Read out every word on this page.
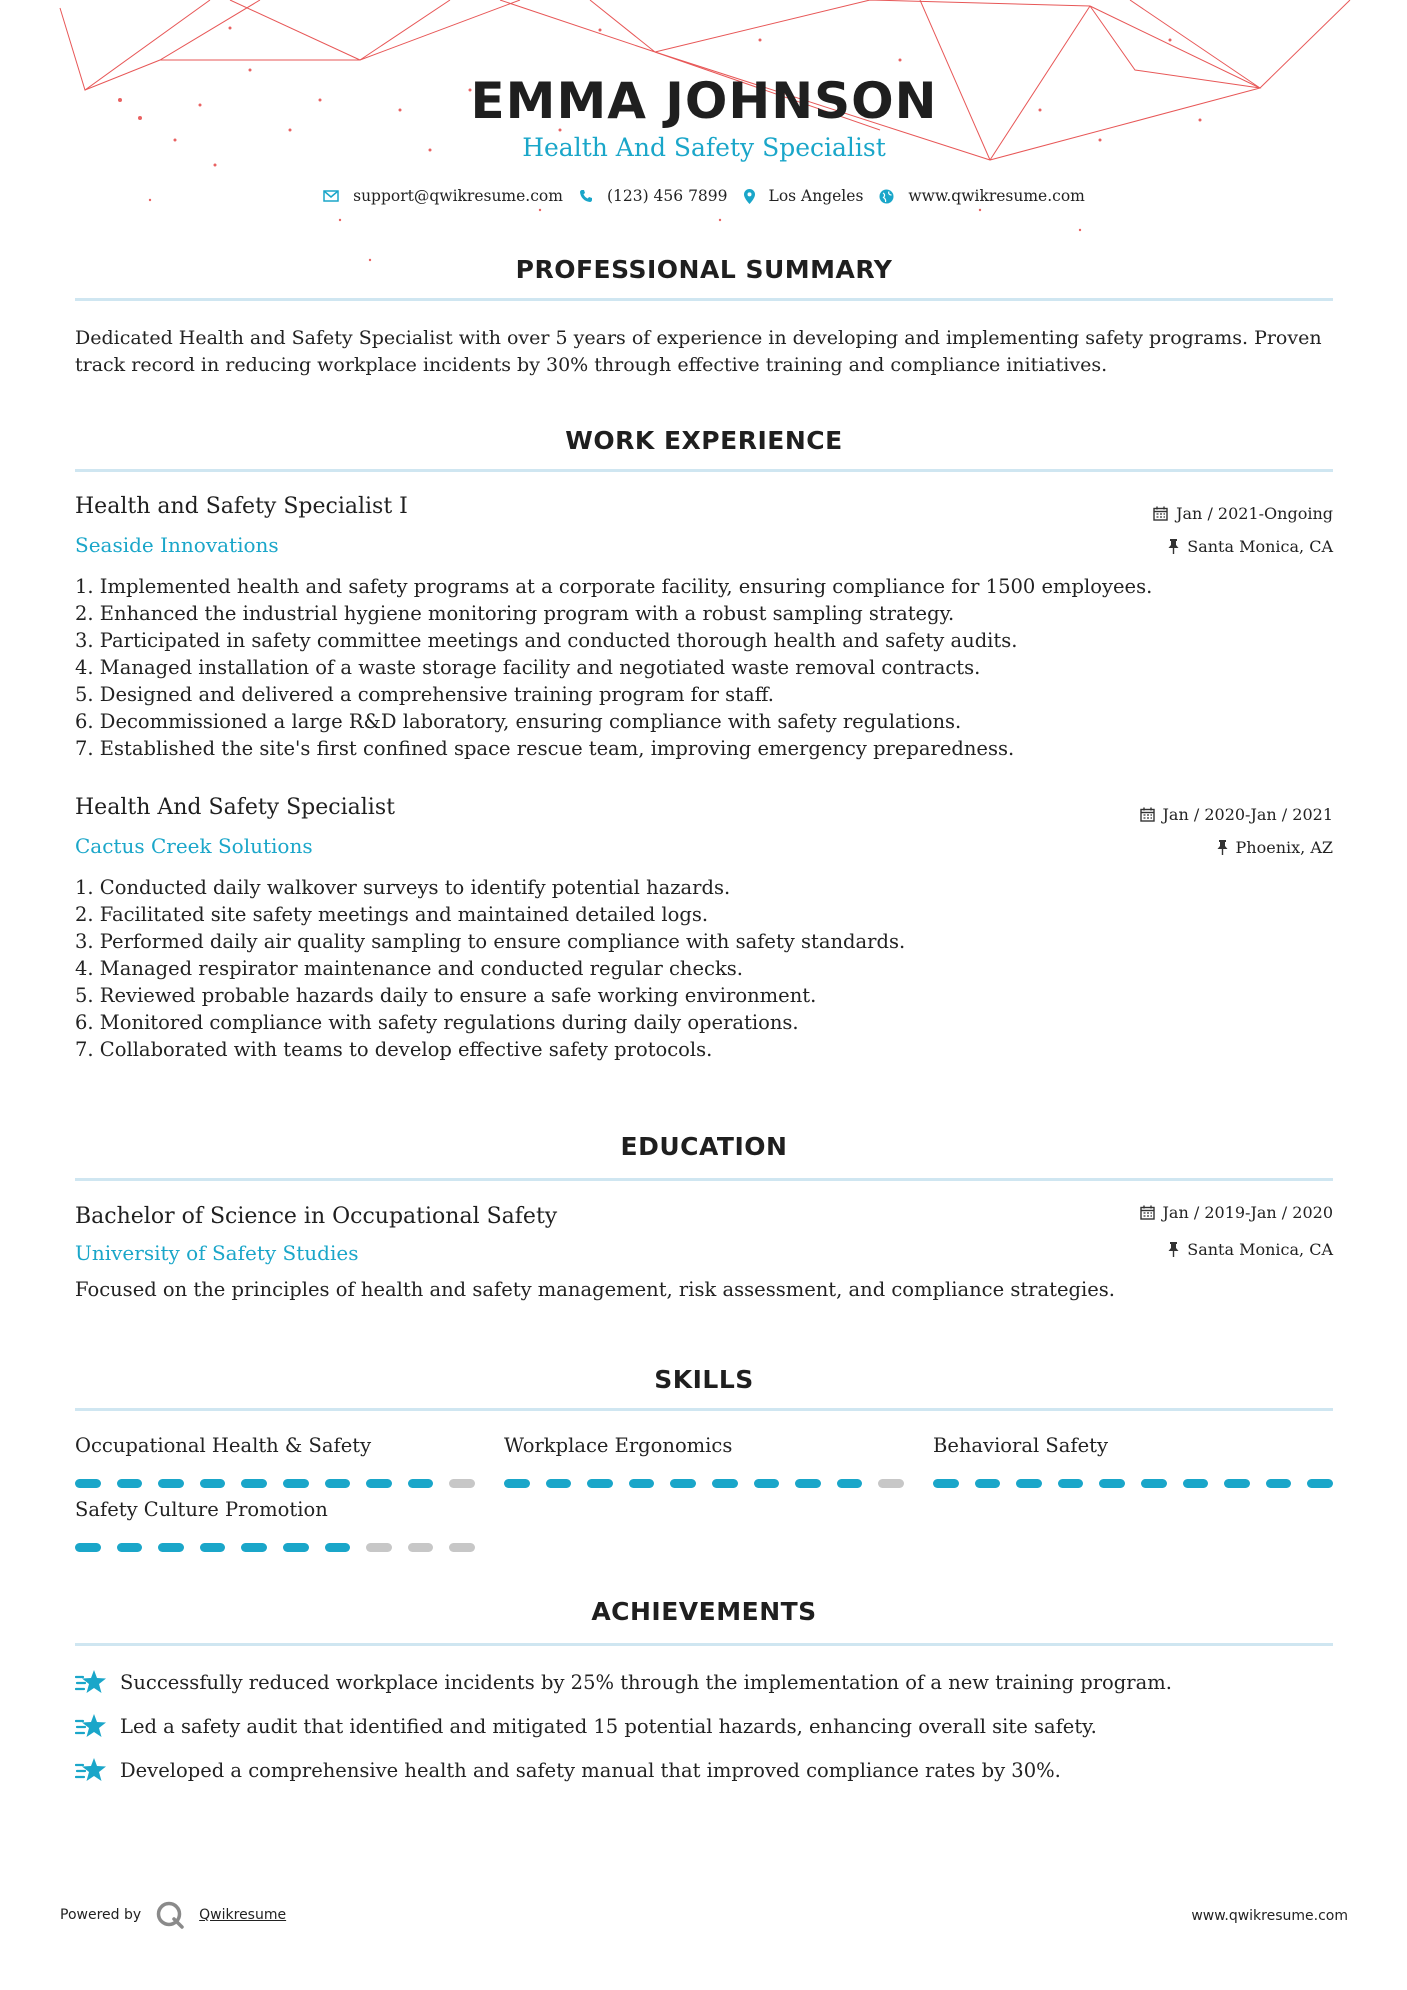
EMMA JOHNSON
Health And Safety Specialist
support@qwikresume.com	(123) 456 7899	Los Angeles	www.qwikresume.com
PROFESSIONAL SUMMARY
Dedicated Health and Safety Specialist with over 5 years of experience in developing and implementing safety programs. Proven track record in reducing workplace incidents by 30% through effective training and compliance initiatives.
WORK EXPERIENCE
Health and Safety Specialist I
Seaside Innovations
Jan / 2021-Ongoing
Santa Monica, CA
1. Implemented health and safety programs at a corporate facility, ensuring compliance for 1500 employees.
2. Enhanced the industrial hygiene monitoring program with a robust sampling strategy.
3. Participated in safety committee meetings and conducted thorough health and safety audits.
4. Managed installation of a waste storage facility and negotiated waste removal contracts.
5. Designed and delivered a comprehensive training program for staff.
6. Decommissioned a large R&D laboratory, ensuring compliance with safety regulations.
7. Established the site's first confined space rescue team, improving emergency preparedness.
Health And Safety Specialist
Cactus Creek Solutions
Jan / 2020-Jan / 2021
Phoenix, AZ
1. Conducted daily walkover surveys to identify potential hazards.
2. Facilitated site safety meetings and maintained detailed logs.
3. Performed daily air quality sampling to ensure compliance with safety standards.
4. Managed respirator maintenance and conducted regular checks.
5. Reviewed probable hazards daily to ensure a safe working environment.
6. Monitored compliance with safety regulations during daily operations.
7. Collaborated with teams to develop effective safety protocols.
EDUCATION
Bachelor of Science in Occupational Safety
University of Safety Studies
Jan / 2019-Jan / 2020
Santa Monica, CA
Focused on the principles of health and safety management, risk assessment, and compliance strategies.
SKILLS
Occupational Health & Safety	Workplace Ergonomics	Behavioral Safety
Safety Culture Promotion
ACHIEVEMENTS
Successfully reduced workplace incidents by 25% through the implementation of a new training program.
Led a safety audit that identified and mitigated 15 potential hazards, enhancing overall site safety.
Developed a comprehensive health and safety manual that improved compliance rates by 30%.
Powered by	Qwikresume	www.qwikresume.com
